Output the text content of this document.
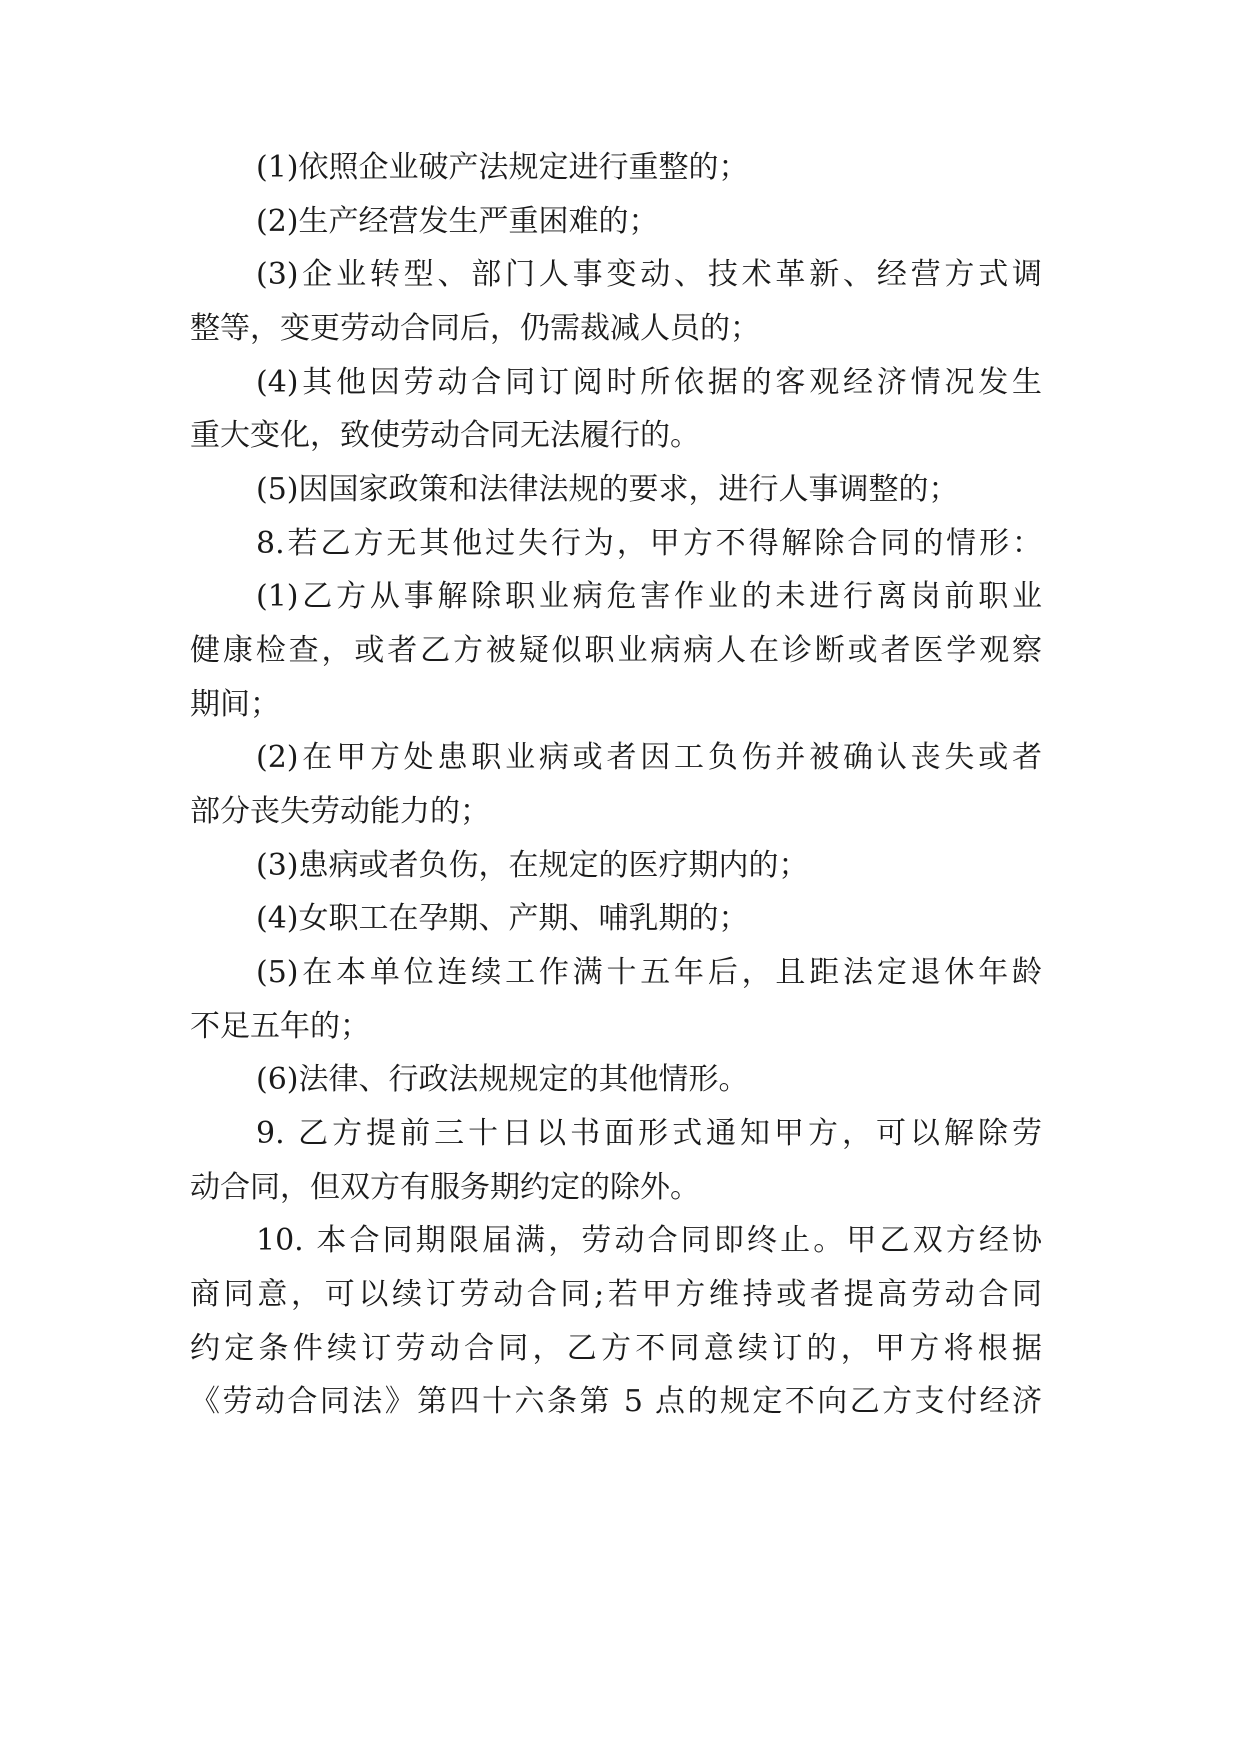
(1)依照企业破产法规定进行重整的；
(2)生产经营发生严重困难的；
(3)企业转型、部门人事变动、技术革新、经营方式调
整等，变更劳动合同后，仍需裁减人员的；
(4)其他因劳动合同订阅时所依据的客观经济情况发生
重大变化，致使劳动合同无法履行的。
(5)因国家政策和法律法规的要求，进行人事调整的；
8.若乙方无其他过失行为，甲方不得解除合同的情形：
(1)乙方从事解除职业病危害作业的未进行离岗前职业
健康检查，或者乙方被疑似职业病病人在诊断或者医学观察
期间；
(2)在甲方处患职业病或者因工负伤并被确认丧失或者
部分丧失劳动能力的；
(3)患病或者负伤，在规定的医疗期内的；
(4)女职工在孕期、产期、哺乳期的；
(5)在本单位连续工作满十五年后，且距法定退休年龄
不足五年的；
(6)法律、行政法规规定的其他情形。
9. 乙方提前三十日以书面形式通知甲方，可以解除劳
动合同，但双方有服务期约定的除外。
10. 本合同期限届满，劳动合同即终止。甲乙双方经协
商同意，可以续订劳动合同;若甲方维持或者提高劳动合同
约定条件续订劳动合同，乙方不同意续订的，甲方将根据
《劳动合同法》第四十六条第 5 点的规定不向乙方支付经济
